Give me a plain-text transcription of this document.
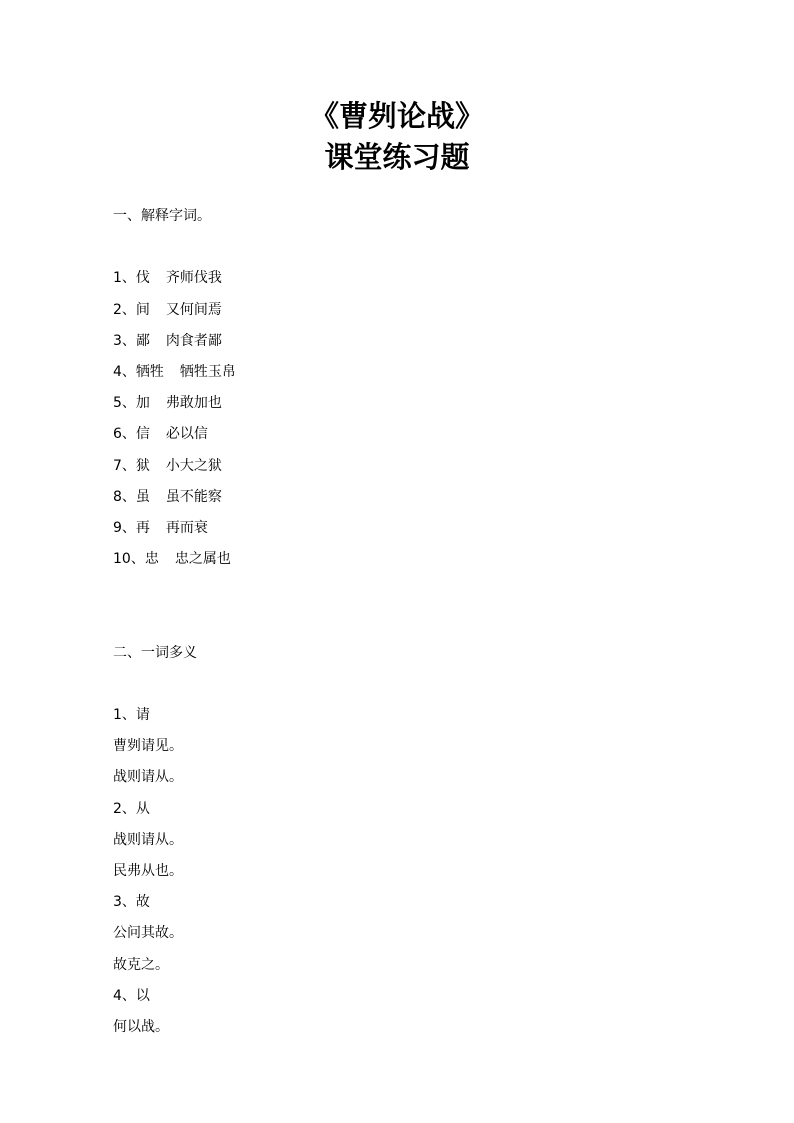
《曹刿论战》
课堂练习题
一、解释字词。
1、伐  齐师伐我
2、间  又何间焉
3、鄙  肉食者鄙
4、牺牲  牺牲玉帛
5、加  弗敢加也
6、信  必以信
7、狱  小大之狱
8、虽  虽不能察
9、再  再而衰
10、忠  忠之属也
二、一词多义
1、请
曹刿请见。
战则请从。
2、从
战则请从。
民弗从也。
3、故
公问其故。
故克之。
4、以
何以战。
